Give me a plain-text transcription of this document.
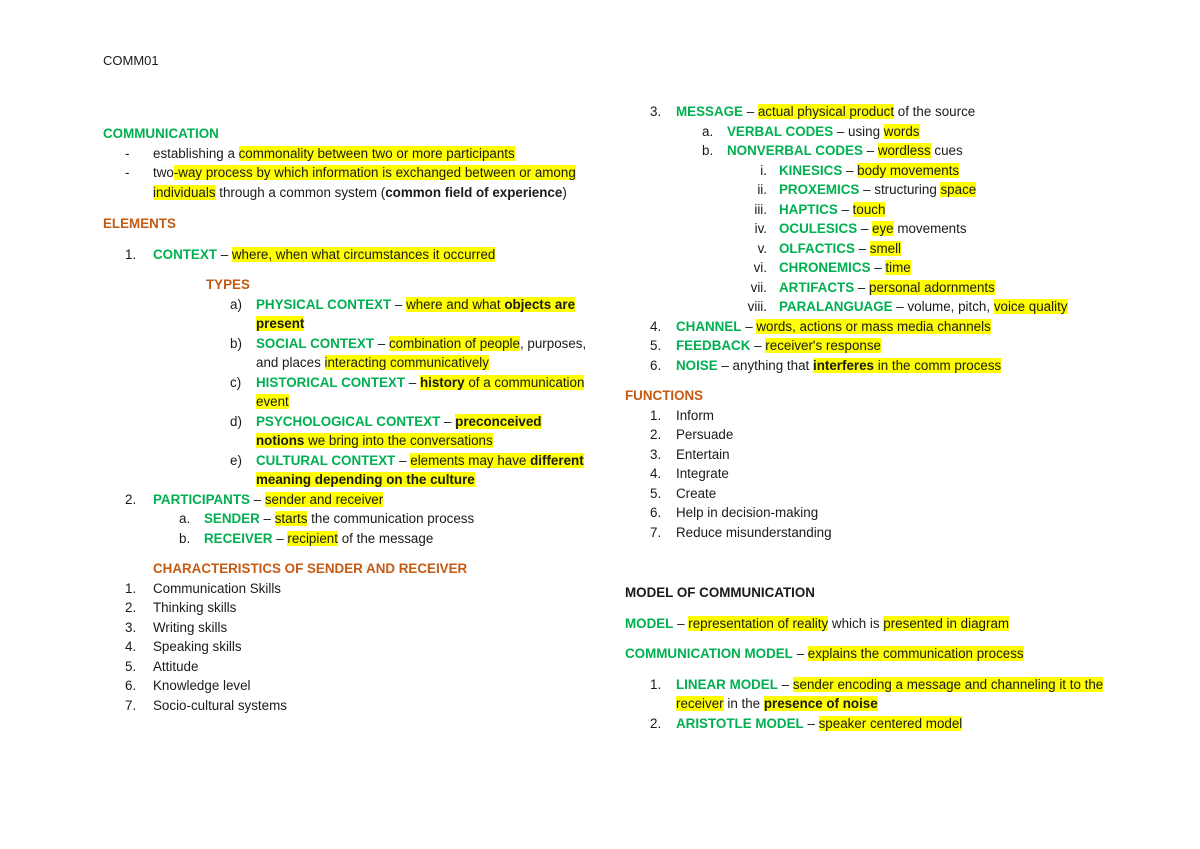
COMM01
COMMUNICATION
- establishing a commonality between two or more participants
- two-way process by which information is exchanged between or among
individuals through a common system (common field of experience)
ELEMENTS
1. CONTEXT – where, when what circumstances it occurred
TYPES
a) PHYSICAL CONTEXT – where and what objects are
present
b) SOCIAL CONTEXT – combination of people, purposes,
and places interacting communicatively
c) HISTORICAL CONTEXT – history of a communication
event
d) PSYCHOLOGICAL CONTEXT – preconceived
notions we bring into the conversations
e) CULTURAL CONTEXT – elements may have different
meaning depending on the culture
2. PARTICIPANTS – sender and receiver
a. SENDER – starts the communication process
b. RECEIVER – recipient of the message
CHARACTERISTICS OF SENDER AND RECEIVER
1. Communication Skills
2. Thinking skills
3. Writing skills
4. Speaking skills
5. Attitude
6. Knowledge level
7. Socio-cultural systems
3. MESSAGE – actual physical product of the source
a. VERBAL CODES – using words
b. NONVERBAL CODES – wordless cues
i. KINESICS – body movements
ii. PROXEMICS – structuring space
iii. HAPTICS – touch
iv. OCULESICS – eye movements
v. OLFACTICS – smell
vi. CHRONEMICS – time
vii. ARTIFACTS – personal adornments
viii. PARALANGUAGE – volume, pitch, voice quality
4. CHANNEL – words, actions or mass media channels
5. FEEDBACK – receiver's response
6. NOISE – anything that interferes in the comm process
FUNCTIONS
1. Inform
2. Persuade
3. Entertain
4. Integrate
5. Create
6. Help in decision-making
7. Reduce misunderstanding
MODEL OF COMMUNICATION
MODEL – representation of reality which is presented in diagram
COMMUNICATION MODEL – explains the communication process
1. LINEAR MODEL – sender encoding a message and channeling it to the
receiver in the presence of noise
2. ARISTOTLE MODEL – speaker centered model
